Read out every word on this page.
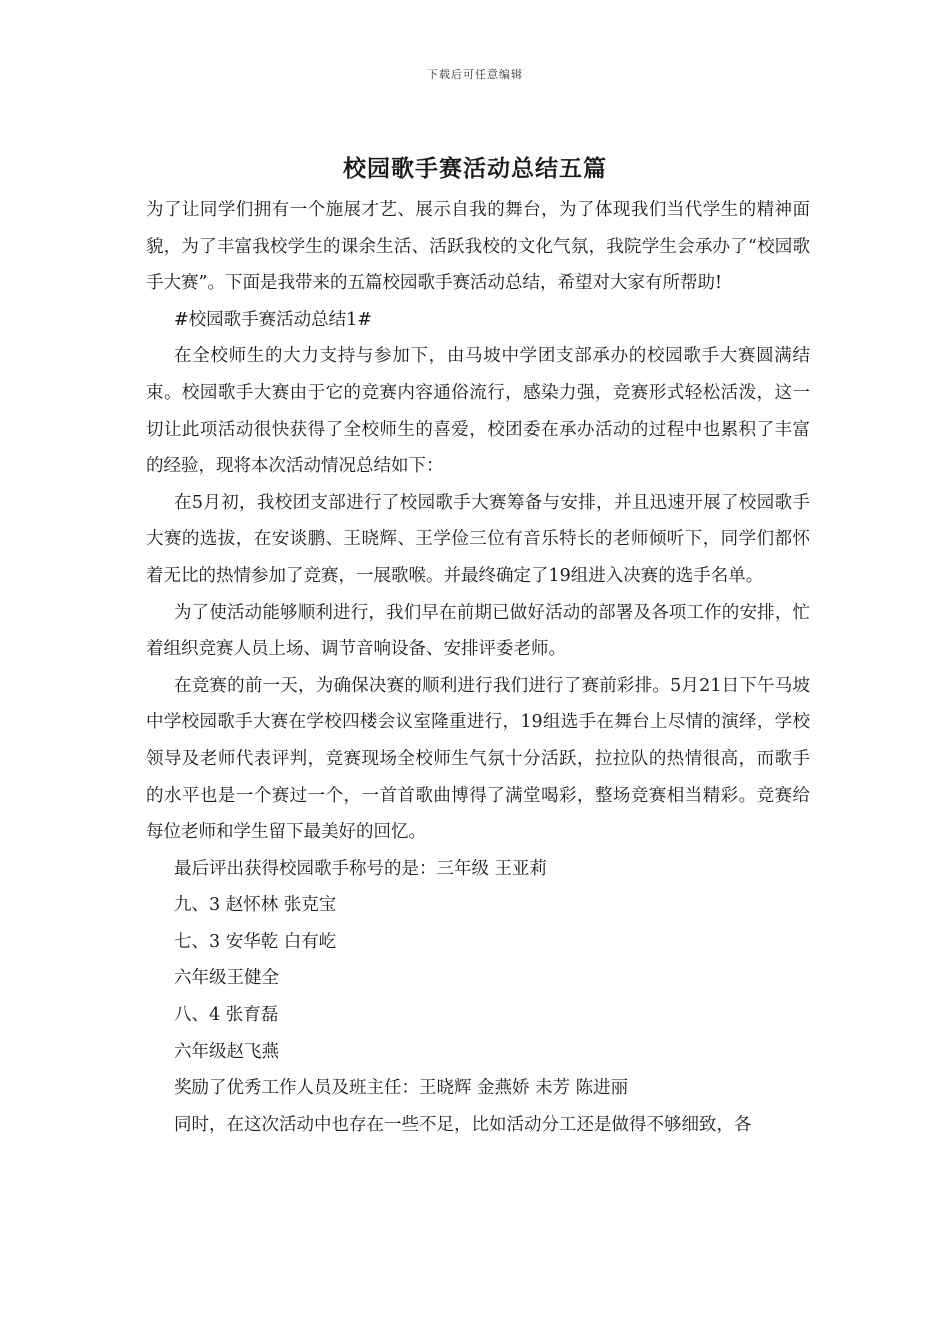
下载后可任意编辑
校园歌手赛活动总结五篇

为了让同学们拥有一个施展才艺、展示自我的舞台，为了体现我们当代学生的精神面貌，为了丰富我校学生的课余生活、活跃我校的文化气氛，我院学生会承办了“校园歌手大赛”。下面是我带来的五篇校园歌手赛活动总结，希望对大家有所帮助!

#校园歌手赛活动总结1#

在全校师生的大力支持与参加下，由马坡中学团支部承办的校园歌手大赛圆满结束。校园歌手大赛由于它的竞赛内容通俗流行，感染力强，竞赛形式轻松活泼，这一切让此项活动很快获得了全校师生的喜爱，校团委在承办活动的过程中也累积了丰富的经验，现将本次活动情况总结如下：

在5月初，我校团支部进行了校园歌手大赛筹备与安排，并且迅速开展了校园歌手大赛的选拔，在安谈鹏、王晓辉、王学俭三位有音乐特长的老师倾听下，同学们都怀着无比的热情参加了竞赛，一展歌喉。并最终确定了19组进入决赛的选手名单。

为了使活动能够顺利进行，我们早在前期已做好活动的部署及各项工作的安排，忙着组织竞赛人员上场、调节音响设备、安排评委老师。

在竞赛的前一天，为确保决赛的顺利进行我们进行了赛前彩排。5月21日下午马坡中学校园歌手大赛在学校四楼会议室隆重进行，19组选手在舞台上尽情的演绎，学校领导及老师代表评判，竞赛现场全校师生气氛十分活跃，拉拉队的热情很高，而歌手的水平也是一个赛过一个，一首首歌曲博得了满堂喝彩，整场竞赛相当精彩。竞赛给每位老师和学生留下最美好的回忆。

最后评出获得校园歌手称号的是：三年级 王亚莉

九、3 赵怀林 张克宝

七、3 安华乾 白有屹

六年级王健全

八、4 张育磊

六年级赵飞燕

奖励了优秀工作人员及班主任：王晓辉 金燕娇 未芳 陈进丽

同时，在这次活动中也存在一些不足，比如活动分工还是做得不够细致，各
